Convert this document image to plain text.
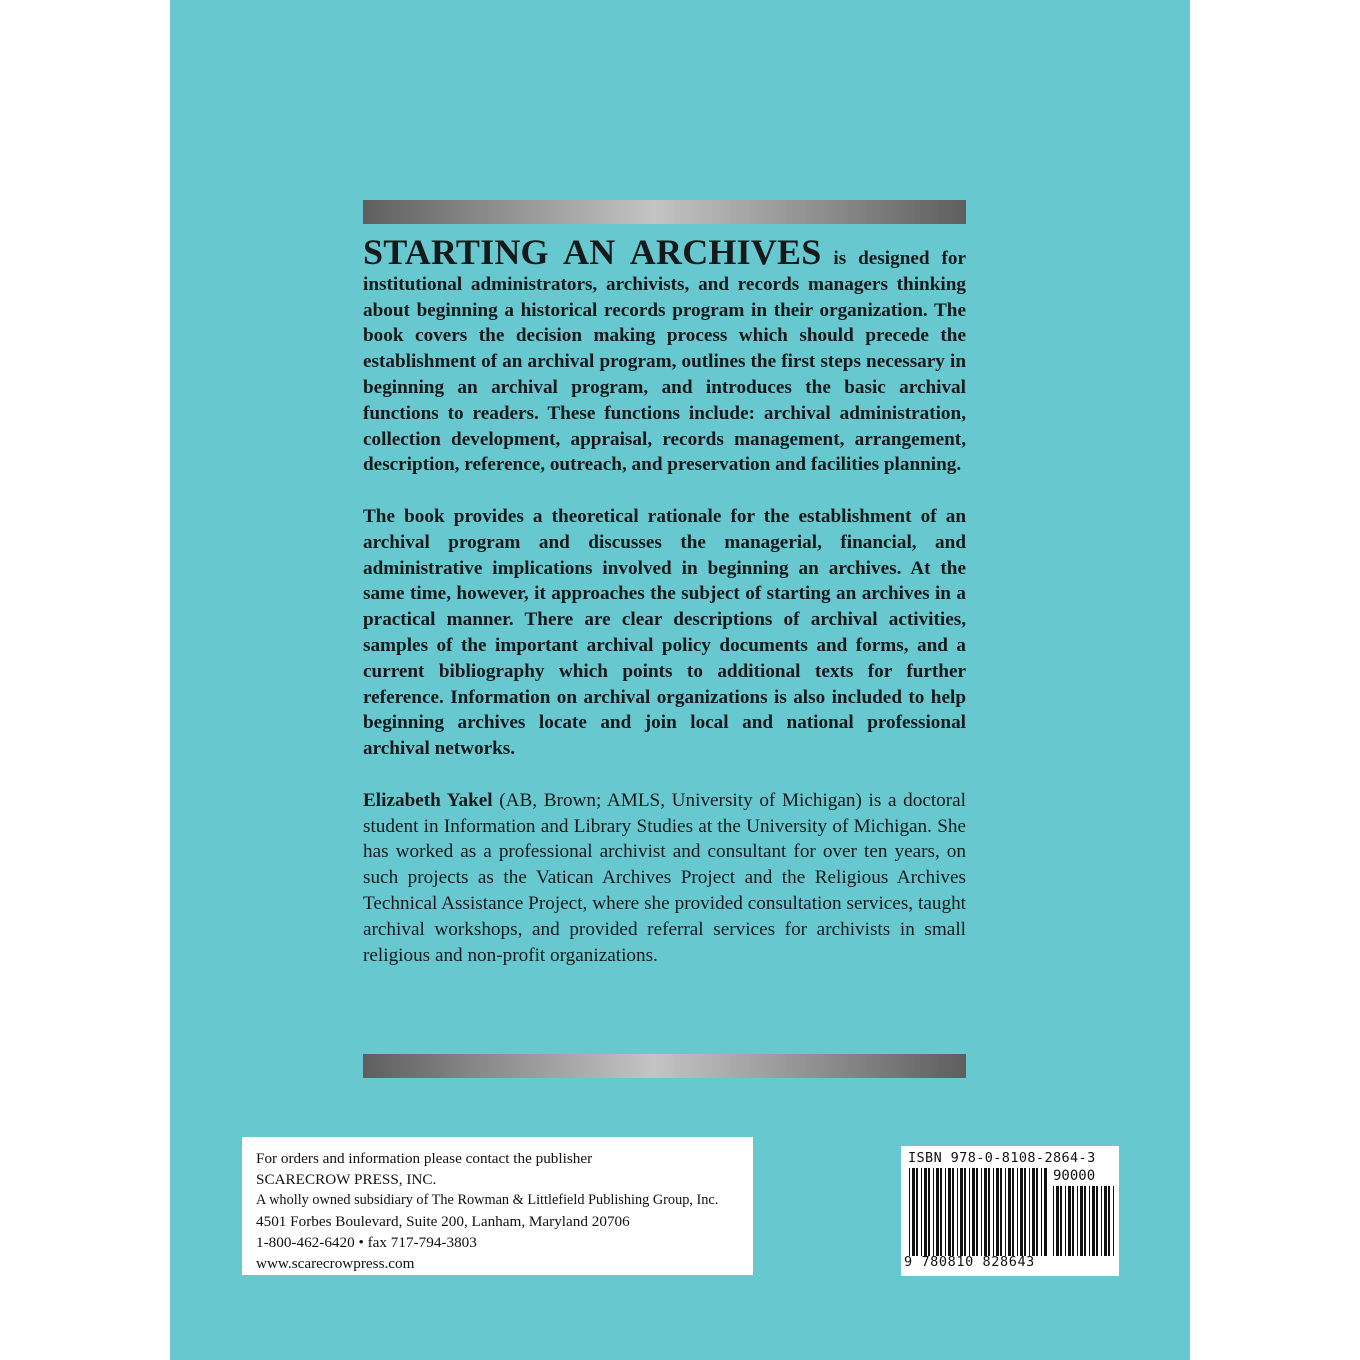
STARTING AN ARCHIVES is designed for institutional administrators, archivists, and records managers thinking about beginning a historical records program in their organization. The book covers the decision making process which should precede the establishment of an archival program, outlines the first steps necessary in beginning an archival program, and introduces the basic archival functions to readers. These functions include: archival administration, collection development, appraisal, records management, arrangement, description, reference, outreach, and preservation and facilities planning.

The book provides a theoretical rationale for the establishment of an archival program and discusses the managerial, financial, and administrative implications involved in beginning an archives. At the same time, however, it approaches the subject of starting an archives in a practical manner. There are clear descriptions of archival activities, samples of the important archival policy documents and forms, and a current bibliography which points to additional texts for further reference. Information on archival organizations is also included to help beginning archives locate and join local and national professional archival networks.

Elizabeth Yakel (AB, Brown; AMLS, University of Michigan) is a doctoral student in Information and Library Studies at the University of Michigan. She has worked as a professional archivist and consultant for over ten years, on such projects as the Vatican Archives Project and the Religious Archives Technical Assistance Project, where she provided consultation services, taught archival workshops, and provided referral services for archivists in small religious and non-profit organizations.

For orders and information please contact the publisher
SCARECROW PRESS, INC.
A wholly owned subsidiary of The Rowman & Littlefield Publishing Group, Inc.
4501 Forbes Boulevard, Suite 200, Lanham, Maryland 20706
1-800-462-6420 • fax 717-794-3803
www.scarecrowpress.com
ISBN 978-0-8108-2864-3
90000
9 780810 828643
